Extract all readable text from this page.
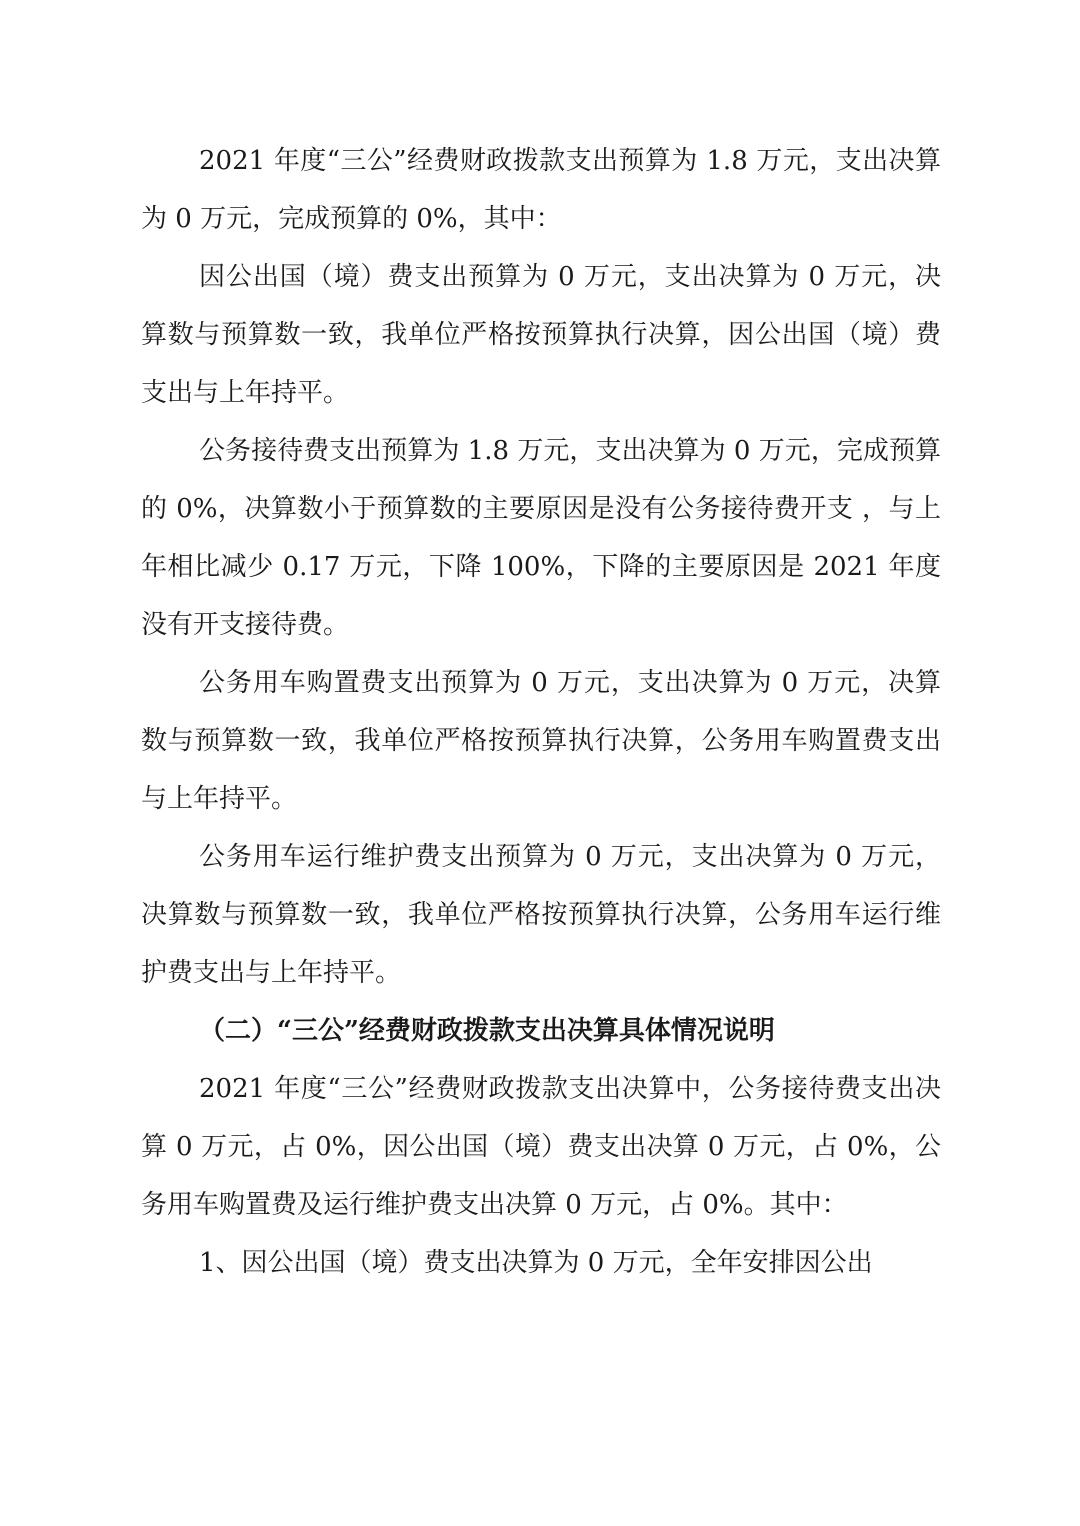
2021 年度“三公”经费财政拨款支出预算为 1.8 万元，支出决算为 0 万元，完成预算的 0%，其中：

因公出国（境）费支出预算为 0 万元，支出决算为 0 万元，决算数与预算数一致，我单位严格按预算执行决算，因公出国（境）费支出与上年持平。

公务接待费支出预算为 1.8 万元，支出决算为 0 万元，完成预算的 0%，决算数小于预算数的主要原因是没有公务接待费开支 ，与上年相比减少 0.17 万元，下降 100%，下降的主要原因是 2021 年度没有开支接待费。

公务用车购置费支出预算为 0 万元，支出决算为 0 万元，决算数与预算数一致，我单位严格按预算执行决算，公务用车购置费支出与上年持平。

公务用车运行维护费支出预算为 0 万元，支出决算为 0 万元，决算数与预算数一致，我单位严格按预算执行决算，公务用车运行维护费支出与上年持平。

（二）“三公”经费财政拨款支出决算具体情况说明

2021 年度“三公”经费财政拨款支出决算中，公务接待费支出决算 0 万元，占 0%，因公出国（境）费支出决算 0 万元，占 0%，公务用车购置费及运行维护费支出决算 0 万元，占 0%。其中：

1、因公出国（境）费支出决算为 0 万元，全年安排因公出
